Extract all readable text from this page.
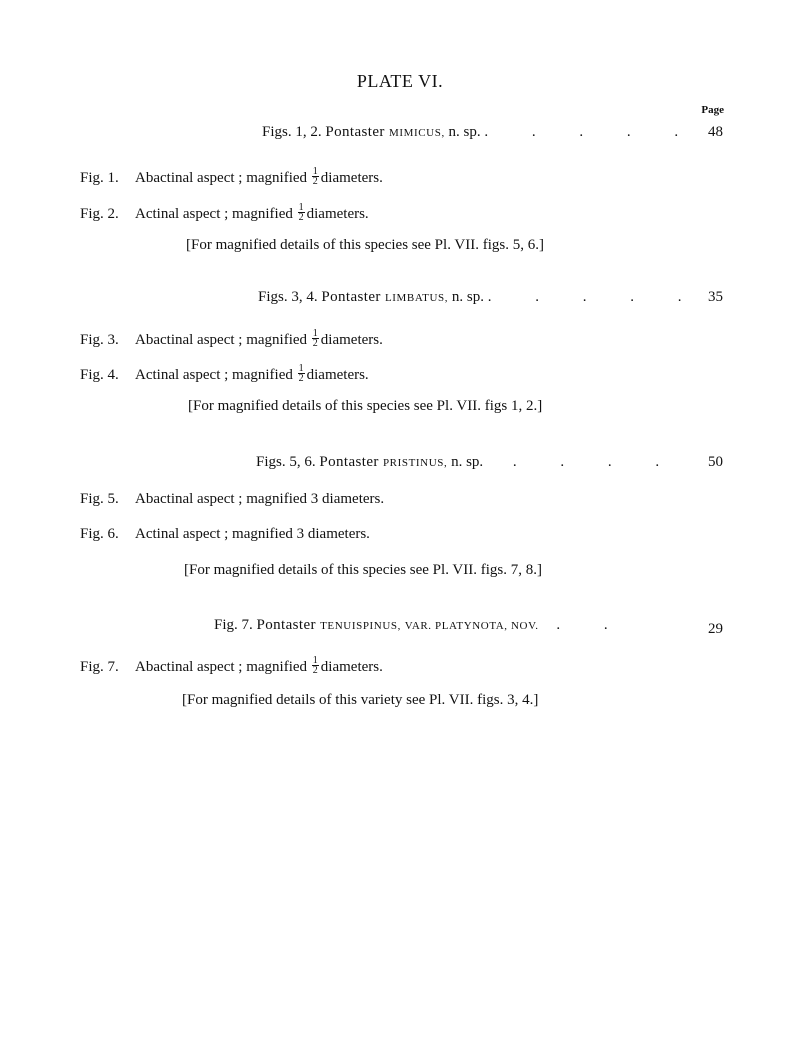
PLATE VI.
Page
Figs. 1, 2. Pontaster MIMICUS, n. sp. . . . . . 48
Fig. 1. Abactinal aspect ; magnified $\frac{1}{2}$ diameters.
Fig. 2. Actinal aspect ; magnified $\frac{1}{2}$ diameters.
[For magnified details of this species see Pl. VII. figs. 5, 6.]
Figs. 3, 4. Pontaster LIMBATUS, n. sp. . . . . . 35
Fig. 3. Abactinal aspect ; magnified $\frac{1}{2}$ diameters.
Fig. 4. Actinal aspect ; magnified $\frac{1}{2}$ diameters.
[For magnified details of this species see Pl. VII. figs 1, 2.]
Figs. 5, 6. Pontaster PRISTINUS, n. sp. . . . .	50
Fig. 5. Abactinal aspect ; magnified 3 diameters.
Fig. 6. Actinal aspect ; magnified 3 diameters.
[For magnified details of this species see Pl. VII. figs. 7, 8.]
Fig. 7. Pontaster TENUISPINUS, VAR. PLATYNOTA, NOV. . .	29
Fig. 7. Abactinal aspect ; magnified $\frac{1}{2}$ diameters.
[For magnified details of this variety see Pl. VII. figs. 3, 4.]
